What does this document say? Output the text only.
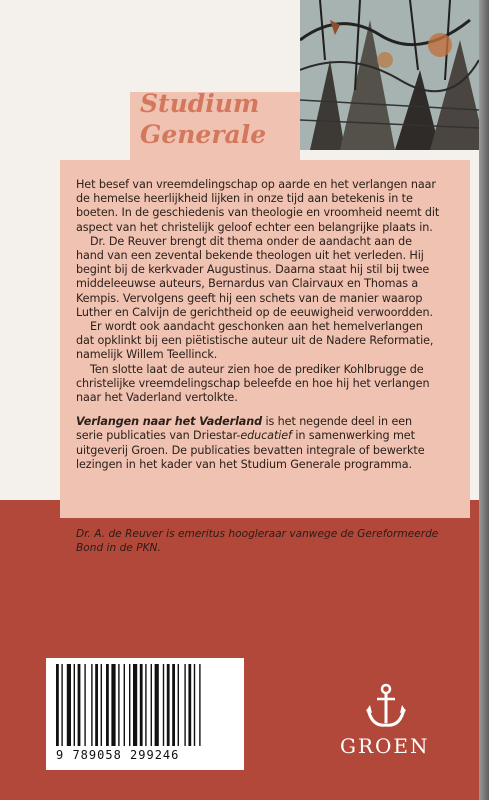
Studium
Generale

Het besef van vreemdelingschap op aarde en het verlangen naar de hemelse heerlijkheid lijken in onze tijd aan betekenis in te boeten. In de geschiedenis van theologie en vroomheid neemt dit aspect van het christelijk geloof echter een belangrijke plaats in.

Dr. De Reuver brengt dit thema onder de aandacht aan de hand van een zevental bekende theologen uit het verleden. Hij begint bij de kerkvader Augustinus. Daarna staat hij stil bij twee middeleeuwse auteurs, Bernardus van Clairvaux en Thomas a Kempis. Vervolgens geeft hij een schets van de manier waarop Luther en Calvijn de gerichtheid op de eeuwigheid verwoordden.

Er wordt ook aandacht geschonken aan het hemelverlangen dat opklinkt bij een piëtistische auteur uit de Nadere Reformatie, namelijk Willem Teellinck.

Ten slotte laat de auteur zien hoe de prediker Kohlbrugge de christelijke vreemdelingschap beleefde en hoe hij het verlangen naar het Vaderland vertolkte.

Verlangen naar het Vaderland is het negende deel in een serie publicaties van Driestar-educatief in samenwerking met uitgeverij Groen. De publicaties bevatten integrale of bewerkte lezingen in het kader van het Studium Generale programma.

Dr. A. de Reuver is emeritus hoogleraar vanwege de Gereformeerde Bond in de PKN.

9 789058 299246	GROEN
